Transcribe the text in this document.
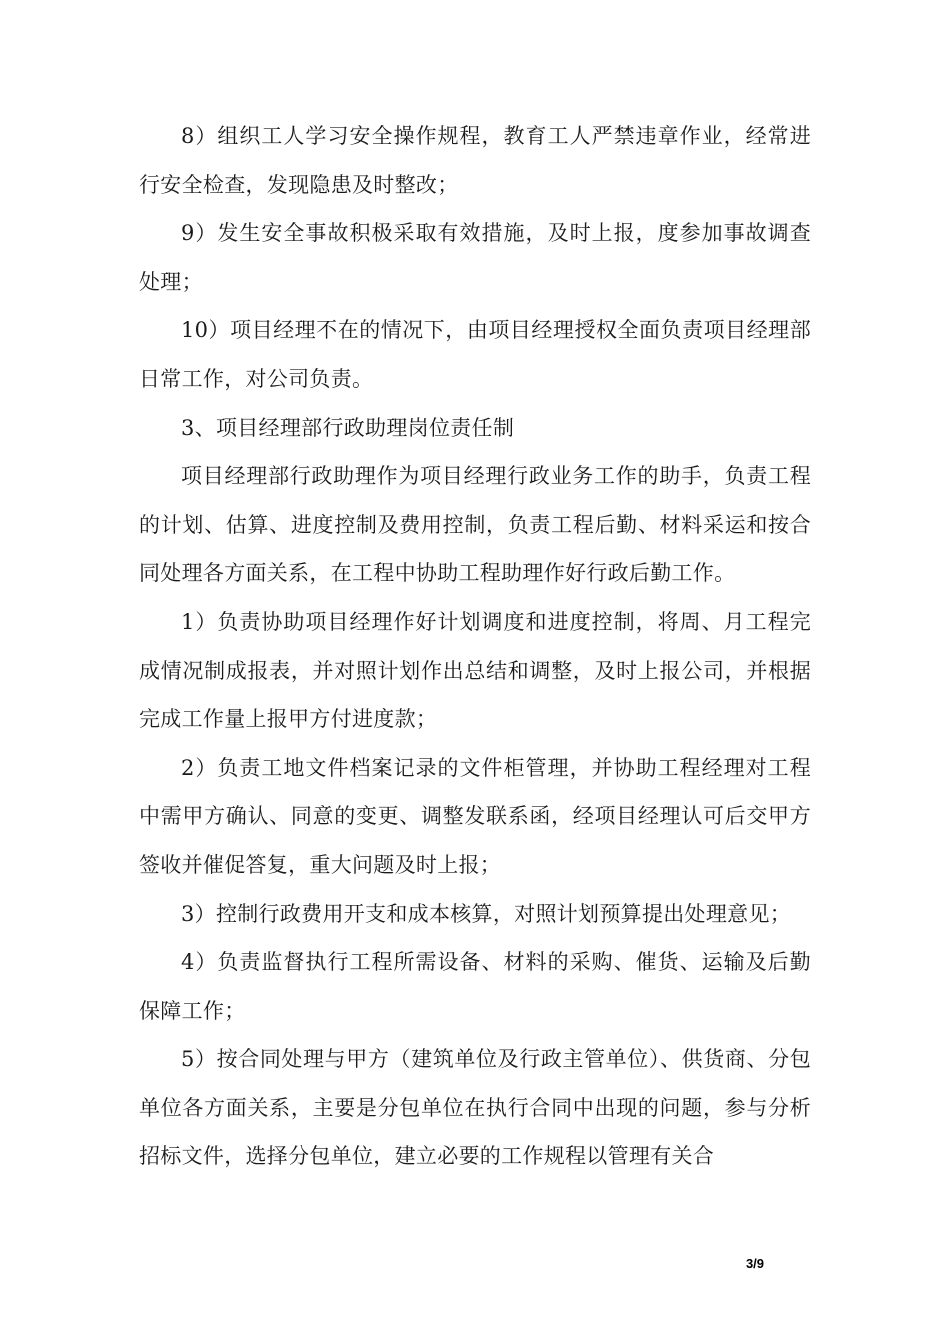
8）组织工人学习安全操作规程，教育工人严禁违章作业，经常进行安全检查，发现隐患及时整改；

9）发生安全事故积极采取有效措施，及时上报，度参加事故调查处理；

10）项目经理不在的情况下，由项目经理授权全面负责项目经理部日常工作，对公司负责。

3、项目经理部行政助理岗位责任制

项目经理部行政助理作为项目经理行政业务工作的助手，负责工程的计划、估算、进度控制及费用控制，负责工程后勤、材料采运和按合同处理各方面关系，在工程中协助工程助理作好行政后勤工作。

1）负责协助项目经理作好计划调度和进度控制，将周、月工程完成情况制成报表，并对照计划作出总结和调整，及时上报公司，并根据完成工作量上报甲方付进度款；

2）负责工地文件档案记录的文件柜管理，并协助工程经理对工程中需甲方确认、同意的变更、调整发联系函，经项目经理认可后交甲方签收并催促答复，重大问题及时上报；

3）控制行政费用开支和成本核算，对照计划预算提出处理意见；

4）负责监督执行工程所需设备、材料的采购、催货、运输及后勤保障工作；

5）按合同处理与甲方（建筑单位及行政主管单位）、供货商、分包单位各方面关系，主要是分包单位在执行合同中出现的问题，参与分析招标文件，选择分包单位，建立必要的工作规程以管理有关合

3/9
